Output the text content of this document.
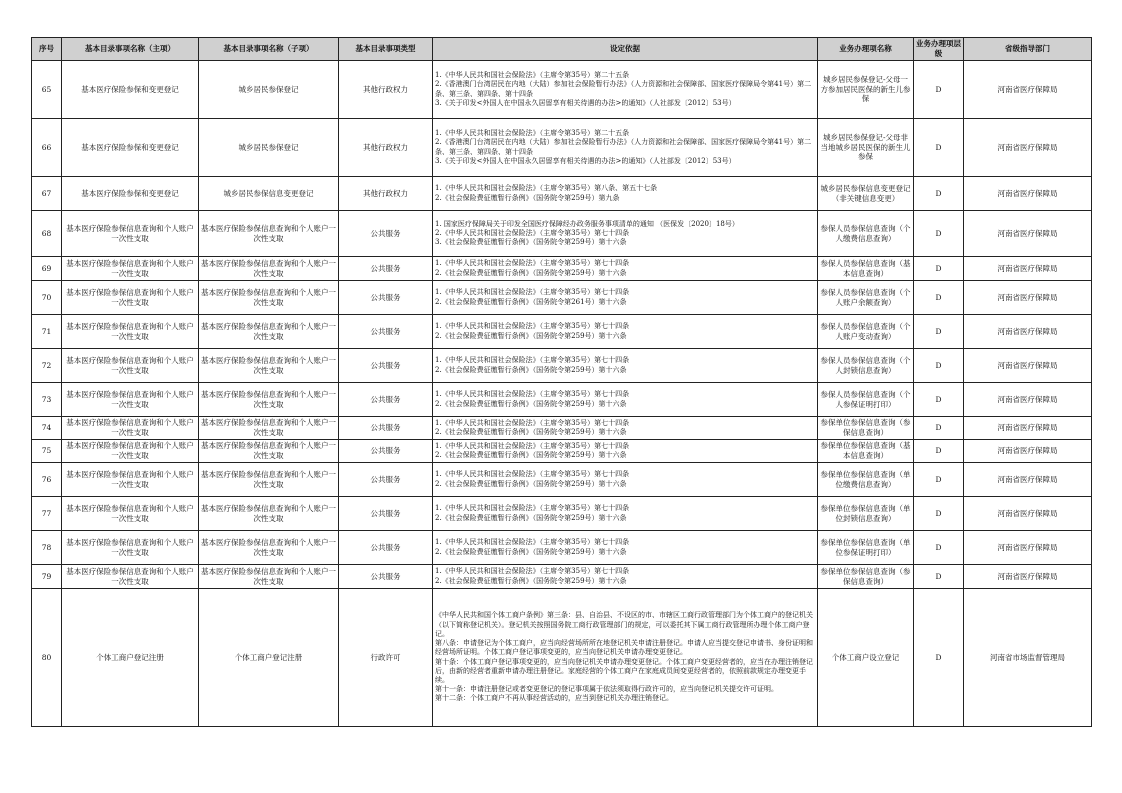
序号	基本目录事项名称（主项）	基本目录事项名称（子项）	基本目录事项类型	设定依据	业务办理项名称	业务办理项层级	省级指导部门
65	基本医疗保险参保和变更登记	城乡居民参保登记	其他行政权力	1.《中华人民共和国社会保险法》（主席令第35号）第二十五条
2.《香港澳门台湾居民在内地（大陆）参加社会保险暂行办法》（人力资源和社会保障部、国家医疗保障局令第41号）第二条、第三条、第四条、第十四条
3.《关于印发<外国人在中国永久居留享有相关待遇的办法>的通知》（人社部发〔2012〕53号）	城乡居民参保登记-父母一方参加居民医保的新生儿参保	D	河南省医疗保障局
66	基本医疗保险参保和变更登记	城乡居民参保登记	其他行政权力	1.《中华人民共和国社会保险法》（主席令第35号）第二十五条
2.《香港澳门台湾居民在内地（大陆）参加社会保险暂行办法》（人力资源和社会保障部、国家医疗保障局令第41号）第二条、第三条、第四条、第十四条
3.《关于印发<外国人在中国永久居留享有相关待遇的办法>的通知》（人社部发〔2012〕53号）	城乡居民参保登记-父母非当地城乡居民医保的新生儿参保	D	河南省医疗保障局
67	基本医疗保险参保和变更登记	城乡居民参保信息变更登记	其他行政权力	1.《中华人民共和国社会保险法》（主席令第35号）第八条、第五十七条
2.《社会保险费征缴暂行条例》（国务院令第259号）第九条	城乡居民参保信息变更登记（非关键信息变更）	D	河南省医疗保障局
68	基本医疗保险参保信息查询和个人账户一次性支取	基本医疗保险参保信息查询和个人账户一次性支取	公共服务	1. 国家医疗保障局关于印发全国医疗保障经办政务服务事项清单的通知 （医保发〔2020〕18号）
2.《中华人民共和国社会保险法》（主席令第35号）第七十四条
3.《社会保险费征缴暂行条例》（国务院令第259号）第十六条	参保人员参保信息查询（个人缴费信息查询）	D	河南省医疗保障局
69	基本医疗保险参保信息查询和个人账户一次性支取	基本医疗保险参保信息查询和个人账户一次性支取	公共服务	1.《中华人民共和国社会保险法》（主席令第35号）第七十四条
2.《社会保险费征缴暂行条例》（国务院令第259号）第十六条	参保人员参保信息查询（基本信息查询）	D	河南省医疗保障局
70	基本医疗保险参保信息查询和个人账户一次性支取	基本医疗保险参保信息查询和个人账户一次性支取	公共服务	1.《中华人民共和国社会保险法》（主席令第35号）第七十四条
2.《社会保险费征缴暂行条例》（国务院令第261号）第十六条	参保人员参保信息查询（个人账户余额查询）	D	河南省医疗保障局
71	基本医疗保险参保信息查询和个人账户一次性支取	基本医疗保险参保信息查询和个人账户一次性支取	公共服务	1.《中华人民共和国社会保险法》（主席令第35号）第七十四条
2.《社会保险费征缴暂行条例》（国务院令第259号）第十六条	参保人员参保信息查询（个人账户变动查询）	D	河南省医疗保障局
72	基本医疗保险参保信息查询和个人账户一次性支取	基本医疗保险参保信息查询和个人账户一次性支取	公共服务	1.《中华人民共和国社会保险法》（主席令第35号）第七十四条
2.《社会保险费征缴暂行条例》（国务院令第259号）第十六条	参保人员参保信息查询（个人封锁信息查询）	D	河南省医疗保障局
73	基本医疗保险参保信息查询和个人账户一次性支取	基本医疗保险参保信息查询和个人账户一次性支取	公共服务	1.《中华人民共和国社会保险法》（主席令第35号）第七十四条
2.《社会保险费征缴暂行条例》（国务院令第259号）第十六条	参保人员参保信息查询（个人参保证明打印）	D	河南省医疗保障局
74	基本医疗保险参保信息查询和个人账户一次性支取	基本医疗保险参保信息查询和个人账户一次性支取	公共服务	1.《中华人民共和国社会保险法》（主席令第35号）第七十四条
2.《社会保险费征缴暂行条例》（国务院令第259号）第十六条	参保单位参保信息查询（参保信息查询）	D	河南省医疗保障局
75	基本医疗保险参保信息查询和个人账户一次性支取	基本医疗保险参保信息查询和个人账户一次性支取	公共服务	1.《中华人民共和国社会保险法》（主席令第35号）第七十四条
2.《社会保险费征缴暂行条例》（国务院令第259号）第十六条	参保单位参保信息查询（基本信息查询）	D	河南省医疗保障局
76	基本医疗保险参保信息查询和个人账户一次性支取	基本医疗保险参保信息查询和个人账户一次性支取	公共服务	1.《中华人民共和国社会保险法》（主席令第35号）第七十四条
2.《社会保险费征缴暂行条例》（国务院令第259号）第十六条	参保单位参保信息查询（单位缴费信息查询）	D	河南省医疗保障局
77	基本医疗保险参保信息查询和个人账户一次性支取	基本医疗保险参保信息查询和个人账户一次性支取	公共服务	1.《中华人民共和国社会保险法》（主席令第35号）第七十四条
2.《社会保险费征缴暂行条例》（国务院令第259号）第十六条	参保单位参保信息查询（单位封锁信息查询）	D	河南省医疗保障局
78	基本医疗保险参保信息查询和个人账户一次性支取	基本医疗保险参保信息查询和个人账户一次性支取	公共服务	1.《中华人民共和国社会保险法》（主席令第35号）第七十四条
2.《社会保险费征缴暂行条例》（国务院令第259号）第十六条	参保单位参保信息查询（单位参保证明打印）	D	河南省医疗保障局
79	基本医疗保险参保信息查询和个人账户一次性支取	基本医疗保险参保信息查询和个人账户一次性支取	公共服务	1.《中华人民共和国社会保险法》（主席令第35号）第七十四条
2.《社会保险费征缴暂行条例》（国务院令第259号）第十六条	参保单位参保信息查询（参保信息查询）	D	河南省医疗保障局
80	个体工商户登记注册	个体工商户登记注册	行政许可	《中华人民共和国个体工商户条例》第三条：县、自治县、不设区的市、市辖区工商行政管理部门为个体工商户的登记机关（以下简称登记机关）。登记机关按照国务院工商行政管理部门的规定，可以委托其下属工商行政管理所办理个体工商户登记。
第八条：申请登记为个体工商户，应当向经营场所所在地登记机关申请注册登记。申请人应当提交登记申请书、身份证明和经营场所证明。个体工商户登记事项变更的，应当向登记机关申请办理变更登记。
第十条：个体工商户登记事项变更的，应当向登记机关申请办理变更登记。个体工商户变更经营者的，应当在办理注销登记后，由新的经营者重新申请办理注册登记。家庭经营的个体工商户在家庭成员间变更经营者的，依照前款规定办理变更手续。
第十一条：申请注册登记或者变更登记的登记事项属于依法须取得行政许可的，应当向登记机关提交许可证明。
第十二条：个体工商户不再从事经营活动的，应当到登记机关办理注销登记。	个体工商户设立登记	D	河南省市场监督管理局
